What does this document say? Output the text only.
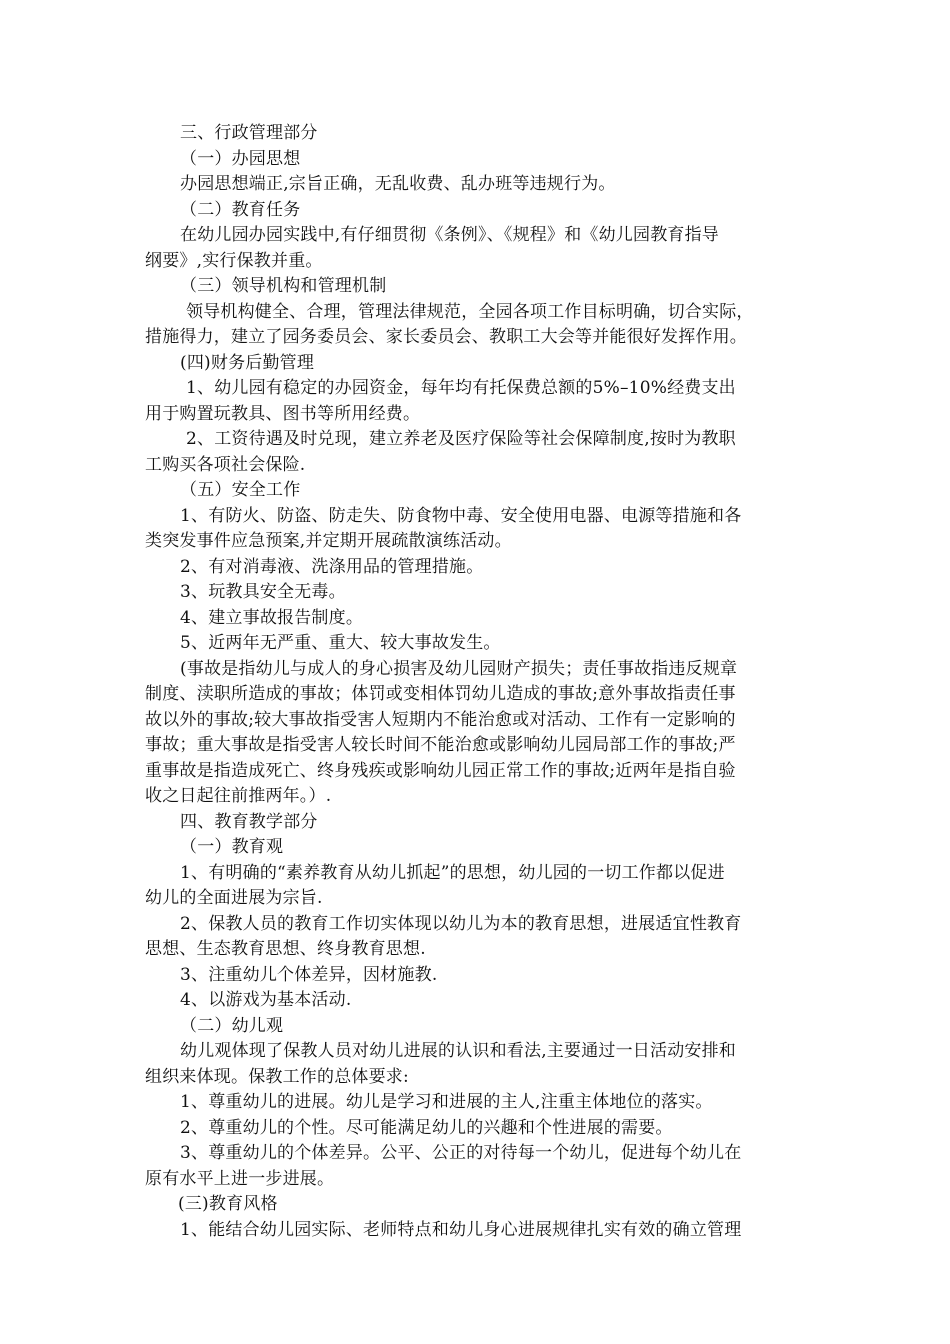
三、行政管理部分
（一）办园思想
办园思想端正,宗旨正确，无乱收费、乱办班等违规行为。
（二）教育任务
在幼儿园办园实践中,有仔细贯彻《条例》、《规程》和《幼儿园教育指导
纲要》,实行保教并重。
（三）领导机构和管理机制
领导机构健全、合理，管理法律规范，全园各项工作目标明确，切合实际，
措施得力，建立了园务委员会、家长委员会、教职工大会等并能很好发挥作用。
(四)财务后勤管理
1、幼儿园有稳定的办园资金，每年均有托保费总额的5%–10%经费支出
用于购置玩教具、图书等所用经费。
2、工资待遇及时兑现，建立养老及医疗保险等社会保障制度,按时为教职
工购买各项社会保险.
（五）安全工作
1、有防火、防盗、防走失、防食物中毒、安全使用电器、电源等措施和各
类突发事件应急预案,并定期开展疏散演练活动。
2、有对消毒液、洗涤用品的管理措施。
3、玩教具安全无毒。
4、建立事故报告制度。
5、近两年无严重、重大、较大事故发生。
(事故是指幼儿与成人的身心损害及幼儿园财产损失；责任事故指违反规章
制度、渎职所造成的事故；体罚或变相体罚幼儿造成的事故;意外事故指责任事
故以外的事故;较大事故指受害人短期内不能治愈或对活动、工作有一定影响的
事故；重大事故是指受害人较长时间不能治愈或影响幼儿园局部工作的事故;严
重事故是指造成死亡、终身残疾或影响幼儿园正常工作的事故;近两年是指自验
收之日起往前推两年。）.
四、教育教学部分
（一）教育观
1、有明确的“素养教育从幼儿抓起”的思想，幼儿园的一切工作都以促进
幼儿的全面进展为宗旨.
2、保教人员的教育工作切实体现以幼儿为本的教育思想，进展适宜性教育
思想、生态教育思想、终身教育思想.
3、注重幼儿个体差异，因材施教.
4、以游戏为基本活动.
（二）幼儿观
幼儿观体现了保教人员对幼儿进展的认识和看法,主要通过一日活动安排和
组织来体现。保教工作的总体要求:
1、尊重幼儿的进展。幼儿是学习和进展的主人,注重主体地位的落实。
2、尊重幼儿的个性。尽可能满足幼儿的兴趣和个性进展的需要。
3、尊重幼儿的个体差异。公平、公正的对待每一个幼儿，促进每个幼儿在
原有水平上进一步进展。
(三)教育风格
1、能结合幼儿园实际、老师特点和幼儿身心进展规律扎实有效的确立管理
